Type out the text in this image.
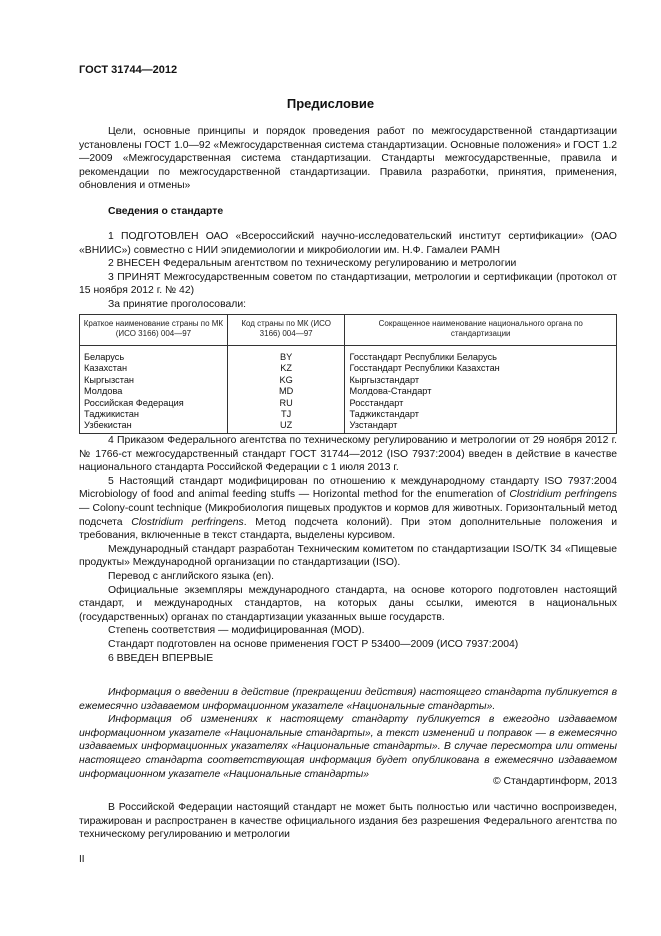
ГОСТ 31744—2012
Предисловие

Цели, основные принципы и порядок проведения работ по межгосударственной стандартизации установлены ГОСТ 1.0—92 «Межгосударственная система стандартизации. Основные положения» и ГОСТ 1.2—2009 «Межгосударственная система стандартизации. Стандарты межгосударственные, правила и рекомендации по межгосударственной стандартизации. Правила разработки, принятия, применения, обновления и отмены»

Сведения о стандарте

1 ПОДГОТОВЛЕН ОАО «Всероссийский научно-исследовательский институт сертификации» (ОАО «ВНИИС») совместно с НИИ эпидемиологии и микробиологии им. Н.Ф. Гамалеи РАМН

2 ВНЕСЕН Федеральным агентством по техническому регулированию и метрологии

3 ПРИНЯТ Межгосударственным советом по стандартизации, метрологии и сертификации (протокол от 15 ноября 2012 г. № 42)

За принятие проголосовали:

Краткое наименование страны по МК (ИСО 3166) 004—97	Код страны по МК (ИСО 3166) 004—97	Сокращенное наименование национального органа по стандартизации
Беларусь	BY	Госстандарт Республики Беларусь
Казахстан	KZ	Госстандарт Республики Казахстан
Кыргызстан	KG	Кыргызстандарт
Молдова	MD	Молдова-Стандарт
Российская Федерация	RU	Росстандарт
Таджикистан	TJ	Таджикстандарт
Узбекистан	UZ	Узстандарт

4 Приказом Федерального агентства по техническому регулированию и метрологии от 29 ноября 2012 г. № 1766-ст межгосударственный стандарт ГОСТ 31744—2012 (ISO 7937:2004) введен в действие в качестве национального стандарта Российской Федерации с 1 июля 2013 г.

5 Настоящий стандарт модифицирован по отношению к международному стандарту ISO 7937:2004 Microbiology of food and animal feeding stuffs — Horizontal method for the enumeration of Clostridium perfringens — Colony-count technique (Микробиология пищевых продуктов и кормов для животных. Горизонтальный метод подсчета Clostridium perfringens. Метод подсчета колоний). При этом дополнительные положения и требования, включенные в текст стандарта, выделены курсивом.

Международный стандарт разработан Техническим комитетом по стандартизации ISO/TK 34 «Пищевые продукты» Международной организации по стандартизации (ISO).

Перевод с английского языка (en).

Официальные экземпляры международного стандарта, на основе которого подготовлен настоящий стандарт, и международных стандартов, на которых даны ссылки, имеются в национальных (государственных) органах по стандартизации указанных выше государств.

Степень соответствия — модифицированная (MOD).

Стандарт подготовлен на основе применения ГОСТ Р 53400—2009 (ИСО 7937:2004)

6 ВВЕДЕН ВПЕРВЫЕ

Информация о введении в действие (прекращении действия) настоящего стандарта публикуется в ежемесячно издаваемом информационном указателе «Национальные стандарты».

Информация об изменениях к настоящему стандарту публикуется в ежегодно издаваемом информационном указателе «Национальные стандарты», а текст изменений и поправок — в ежемесячно издаваемых информационных указателях «Национальные стандарты». В случае пересмотра или отмены настоящего стандарта соответствующая информация будет опубликована в ежемесячно издаваемом информационном указателе «Национальные стандарты»

© Стандартинформ, 2013

В Российской Федерации настоящий стандарт не может быть полностью или частично воспроизведен, тиражирован и распространен в качестве официального издания без разрешения Федерального агентства по техническому регулированию и метрологии

II
